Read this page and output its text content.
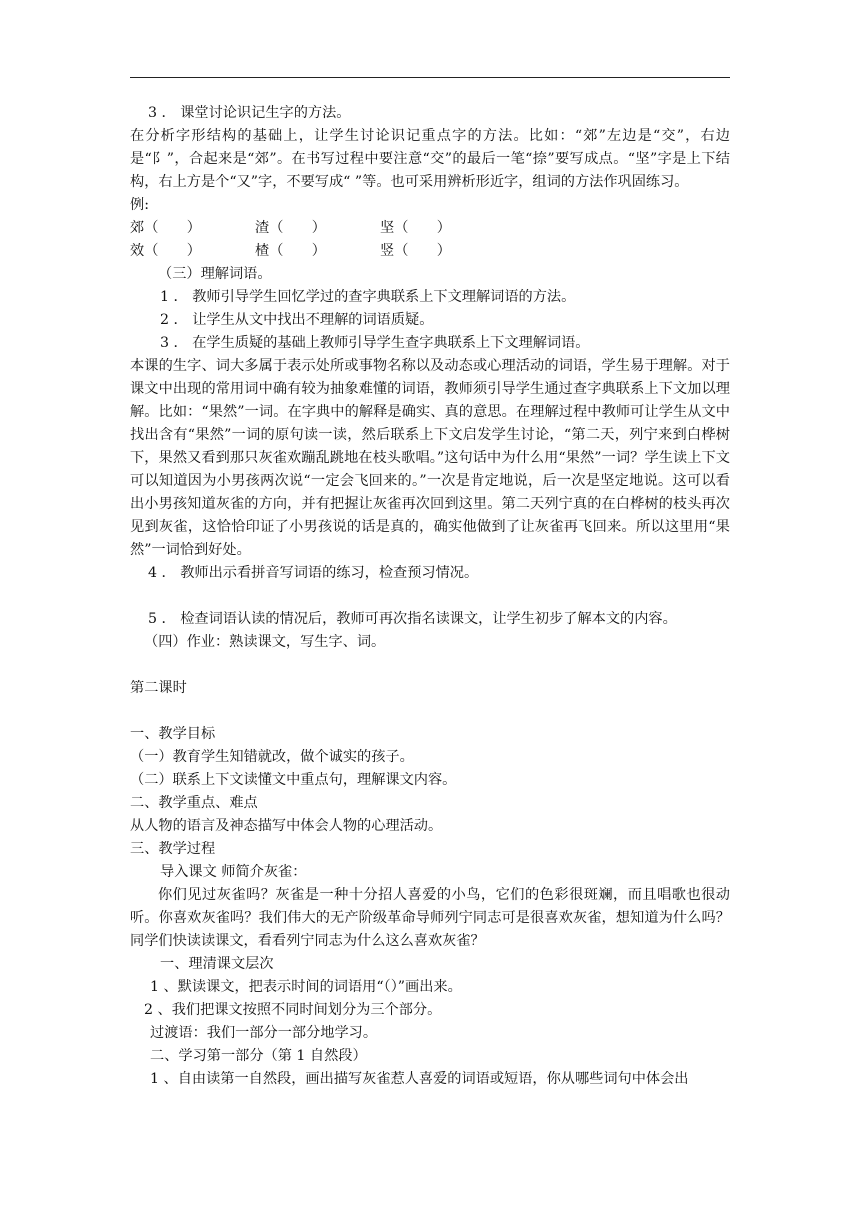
3 ． 课堂讨论识记生字的方法。

在分析字形结构的基础上，让学生讨论识记重点字的方法。比如：“郊”左边是“交”，右边是“阝”，合起来是“郊”。在书写过程中要注意“交”的最后一笔“捺”要写成点。“坚”字是上下结构，右上方是个“又”字，不要写成“ ”等。也可采用辨析形近字，组词的方法作巩固练习。

例:

郊（　　）	渣（　　）	坚（　　）
效（　　）	楂（　　）	竖（　　）

（三）理解词语。

1 ． 教师引导学生回忆学过的查字典联系上下文理解词语的方法。

2 ． 让学生从文中找出不理解的词语质疑。

3 ． 在学生质疑的基础上教师引导学生查字典联系上下文理解词语。

本课的生字、词大多属于表示处所或事物名称以及动态或心理活动的词语，学生易于理解。对于课文中出现的常用词中确有较为抽象难懂的词语，教师须引导学生通过查字典联系上下文加以理解。比如：“果然”一词。在字典中的解释是确实、真的意思。在理解过程中教师可让学生从文中找出含有“果然”一词的原句读一读，然后联系上下文启发学生讨论，“第二天，列宁来到白桦树下，果然又看到那只灰雀欢蹦乱跳地在枝头歌唱。”这句话中为什么用“果然”一词？学生读上下文可以知道因为小男孩两次说“一定会飞回来的。”一次是肯定地说，后一次是坚定地说。这可以看出小男孩知道灰雀的方向，并有把握让灰雀再次回到这里。第二天列宁真的在白桦树的枝头再次见到灰雀，这恰恰印证了小男孩说的话是真的，确实他做到了让灰雀再飞回来。所以这里用“果然”一词恰到好处。

4 ． 教师出示看拼音写词语的练习，检查预习情况。

5 ． 检查词语认读的情况后，教师可再次指名读课文，让学生初步了解本文的内容。

（四）作业：熟读课文，写生字、词。

第二课时

一、教学目标

（一）教育学生知错就改，做个诚实的孩子。

（二）联系上下文读懂文中重点句，理解课文内容。

二、教学重点、难点

从人物的语言及神态描写中体会人物的心理活动。

三、教学过程

导入课文 师简介灰雀：

你们见过灰雀吗？灰雀是一种十分招人喜爱的小鸟，它们的色彩很斑斓，而且唱歌也很动听。你喜欢灰雀吗？我们伟大的无产阶级革命导师列宁同志可是很喜欢灰雀，想知道为什么吗？同学们快读读课文，看看列宁同志为什么这么喜欢灰雀？

一、理清课文层次

1 、默读课文，把表示时间的词语用“（）”画出来。

2 、我们把课文按照不同时间划分为三个部分。

过渡语：我们一部分一部分地学习。

二、学习第一部分（第 1 自然段）

1 、自由读第一自然段，画出描写灰雀惹人喜爱的词语或短语，你从哪些词句中体会出
